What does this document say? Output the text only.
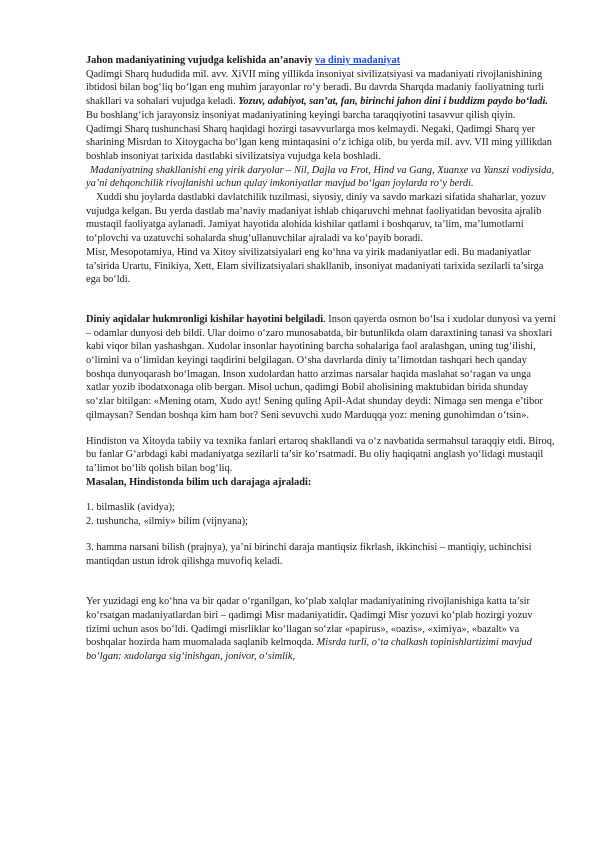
Jahon madaniyatining vujudga kelishida an’anaviy va diniy madaniyat

Qadimgi Sharq hududida mil. avv. XiVII ming yillikda insoniyat sivilizatsiyasi va madaniyati rivojlanishining ibtidosi bilan bog‘liq bo‘lgan eng muhim jarayonlar ro‘y beradi. Bu davrda Sharqda madaniy faoliyatning turli shakllari va sohalari vujudga keladi. Yozuv, adabiyot, san’at, fan, birinchi jahon dini i buddizm paydo bo‘ladi. Bu boshlang‘ich jarayonsiz insoniyat madaniyatining keyingi barcha taraqqiyotini tasavvur qilish qiyin.

Qadimgi Sharq tushunchasi Sharq haqidagi hozirgi tasavvurlarga mos kelmaydi. Negaki, Qadimgi Sharq yer sharining Misrdan to Xitoygacha bo‘lgan keng mintaqasini o‘z ichiga olib, bu yerda mil. avv. VII ming yillikdan boshlab insoniyat tarixida dastlabki sivilizatsiya vujudga kela boshladi.

Madaniyatning shakllanishi eng yirik daryolar – Nil, Dajla va Frot, Hind va Gang, Xuanxe va Yanszi vodiysida, ya’ni dehqonchilik rivojlanishi uchun qulay imkoniyatlar mavjud bo‘lgan joylarda ro‘y berdi.

Xuddi shu joylarda dastlabki davlatchilik tuzilmasi, siyosiy, diniy va savdo markazi sifatida shaharlar, yozuv vujudga kelgan. Bu yerda dastlab ma’naviy madaniyat ishlab chiqaruvchi mehnat faoliyatidan bevosita ajralib mustaqil faoliyatga aylanadi. Jamiyat hayotida alohida kishilar qatlami i boshqaruv, ta’lim, ma’lumotlarni to‘plovchi va uzatuvchi sohalarda shug‘ullanuvchilar ajraladi va ko‘payib boradi.

Misr, Mesopotamiya, Hind va Xitoy sivilizatsiyalari eng ko‘hna va yirik madaniyatlar edi. Bu madaniyatlar ta’sirida Urartu, Finikiya, Xett, Elam sivilizatsiyalari shakllanib, insoniyat madaniyati tarixida sezilarli ta’sirga ega bo‘ldi.

Diniy aqidalar hukmronligi kishilar hayotini belgiladi. Inson qayerda osmon bo‘lsa i xudolar dunyosi va yerni – odamlar dunyosi deb bildi. Ular doimo o‘zaro munosabatda, bir butunlikda olam daraxtining tanasi va shoxlari kabi viqor bilan yashashgan. Xudolar insonlar hayotining barcha sohalariga faol aralashgan, uning tug‘ilishi, o‘limini va o‘limidan keyingi taqdirini belgilagan. O‘sha davrlarda diniy ta’limotdan tashqari hech qanday boshqa dunyoqarash bo‘lmagan. Inson xudolardan hatto arzimas narsalar haqida maslahat so‘ragan va unga xatlar yozib ibodatxonaga olib bergan. Misol uchun, qadimgi Bobil aholisining maktubidan birida shunday so‘zlar bitilgan: «Mening otam, Xudo ayt! Sening quling Apil-Adat shunday deydi: Nimaga sen menga e’tibor qilmaysan? Sendan boshqa kim ham bor? Seni sevuvchi xudo Marduqqa yoz: mening gunohimdan o‘tsin».

Hindiston va Xitoyda tabiiy va texnika fanlari ertaroq shakllandi va o‘z navbatida sermahsul taraqqiy etdi. Biroq, bu fanlar G‘arbdagi kabi madaniyatga sezilarli ta’sir ko‘rsatmadi. Bu oliy haqiqatni anglash yo‘lidagi mustaqil ta’limot bo‘lib qolish bilan bog‘liq.

Masalan, Hindistonda bilim uch darajaga ajraladi:

1. bilmaslik (avidya);
2. tushuncha, «ilmiy» bilim (vijnyana);

3. hamma narsani bilish (prajnya), ya’ni birinchi daraja mantiqsiz fikrlash, ikkinchisi – mantiqiy, uchinchisi mantiqdan ustun idrok qilishga muvofiq keladi.

Yer yuzidagi eng ko‘hna va bir qadar o‘rganilgan, ko‘plab xalqlar madaniyatining rivojlanishiga katta ta’sir ko‘rsatgan madaniyatlardan biri – qadimgi Misr madaniyatidir. Qadimgi Misr yozuvi ko‘plab hozirgi yozuv tizimi uchun asos bo‘ldi. Qadimgi misrliklar ko‘llagan so‘zlar «papirus», «oazis», «ximiya», «bazalt» va boshqalar hozirda ham muomalada saqlanib kelmoqda. Misrda turli, o‘ta chalkash topinishlartizimi mavjud bo‘lgan: xudolarga sig‘inishgan, jonivor, o‘simlik,
